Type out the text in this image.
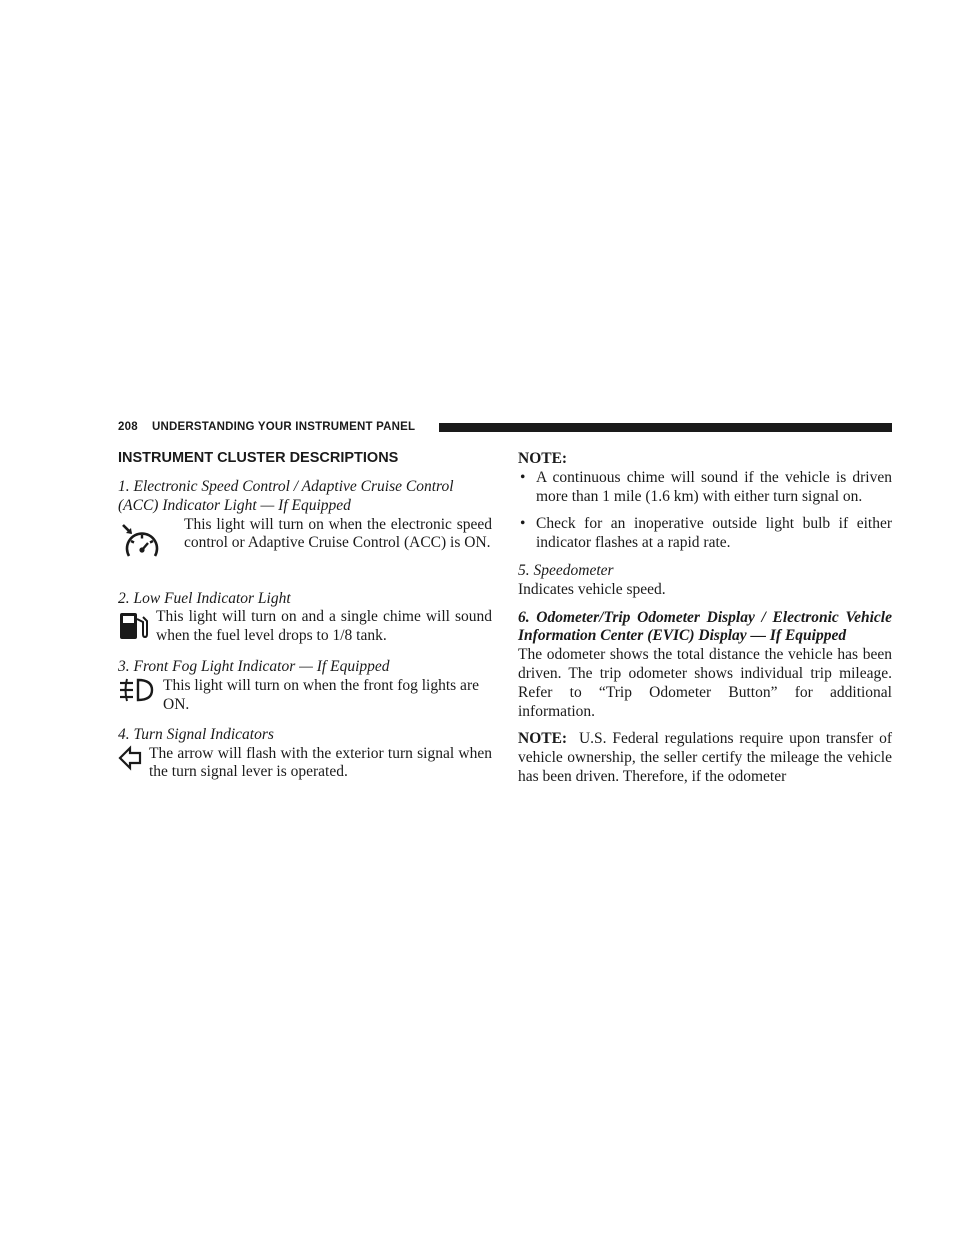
208 UNDERSTANDING YOUR INSTRUMENT PANEL
INSTRUMENT CLUSTER DESCRIPTIONS
1. Electronic Speed Control / Adaptive Cruise Control
(ACC) Indicator Light — If Equipped

This light will turn on when the electronic speed control or Adaptive Cruise Control (ACC) is ON.

2. Low Fuel Indicator Light

This light will turn on and a single chime will sound when the fuel level drops to 1/8 tank.

3. Front Fog Light Indicator — If Equipped

This light will turn on when the front fog lights are ON.

4. Turn Signal Indicators

The arrow will flash with the exterior turn signal when the turn signal lever is operated.

NOTE:
• A continuous chime will sound if the vehicle is driven more than 1 mile (1.6 km) with either turn signal on.
• Check for an inoperative outside light bulb if either indicator flashes at a rapid rate.
5. Speedometer

Indicates vehicle speed.

6. Odometer/Trip Odometer Display / Electronic Vehicle Information Center (EVIC) Display — If Equipped

The odometer shows the total distance the vehicle has been driven. The trip odometer shows individual trip mileage. Refer to “Trip Odometer Button” for additional information.

NOTE: U.S. Federal regulations require upon transfer of vehicle ownership, the seller certify the mileage the vehicle has been driven. Therefore, if the odometer
